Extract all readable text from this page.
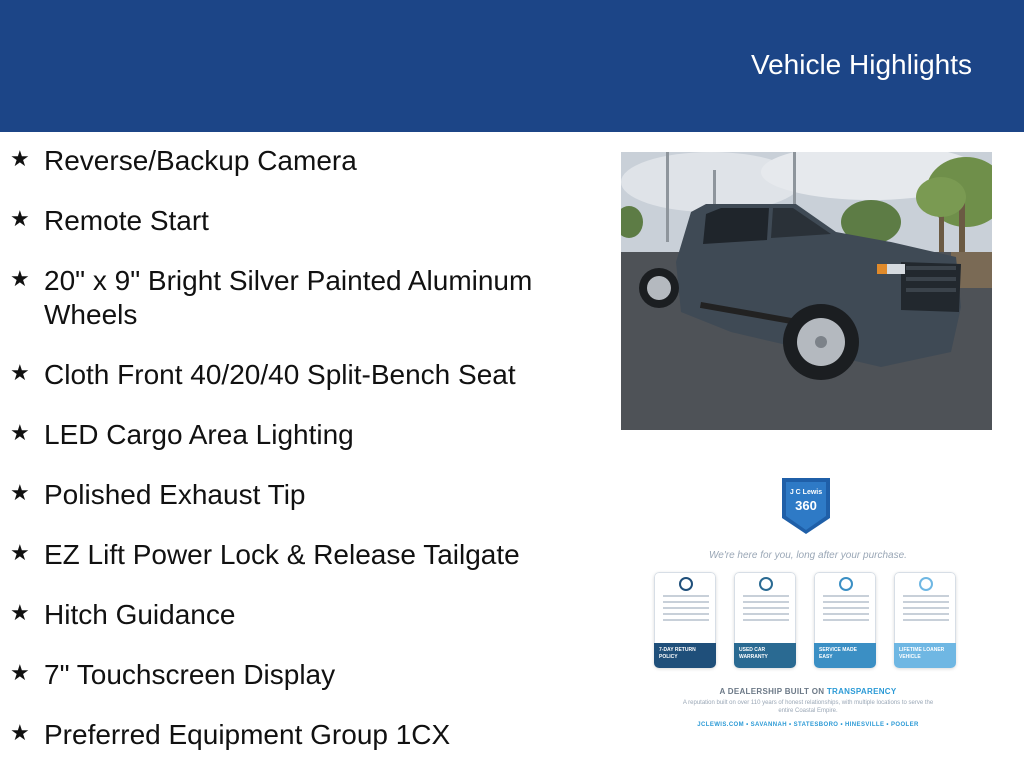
Vehicle Highlights
★ Reverse/Backup Camera
★ Remote Start
★ 20" x 9" Bright Silver Painted Aluminum Wheels
★ Cloth Front 40/20/40 Split-Bench Seat
★ LED Cargo Area Lighting
★ Polished Exhaust Tip
★ EZ Lift Power Lock & Release Tailgate
★ Hitch Guidance
★ 7" Touchscreen Display
★ Preferred Equipment Group 1CX
J C Lewis
360
We're here for you, long after your purchase.
7-DAY RETURN POLICY
USED CAR WARRANTY
SERVICE MADE EASY
LIFETIME LOANER VEHICLE
A DEALERSHIP BUILT ON TRANSPARENCY
A reputation built on over 110 years of honest relationships, with multiple locations to serve the entire Coastal Empire.
JCLEWIS.COM • SAVANNAH • STATESBORO • HINESVILLE • POOLER
